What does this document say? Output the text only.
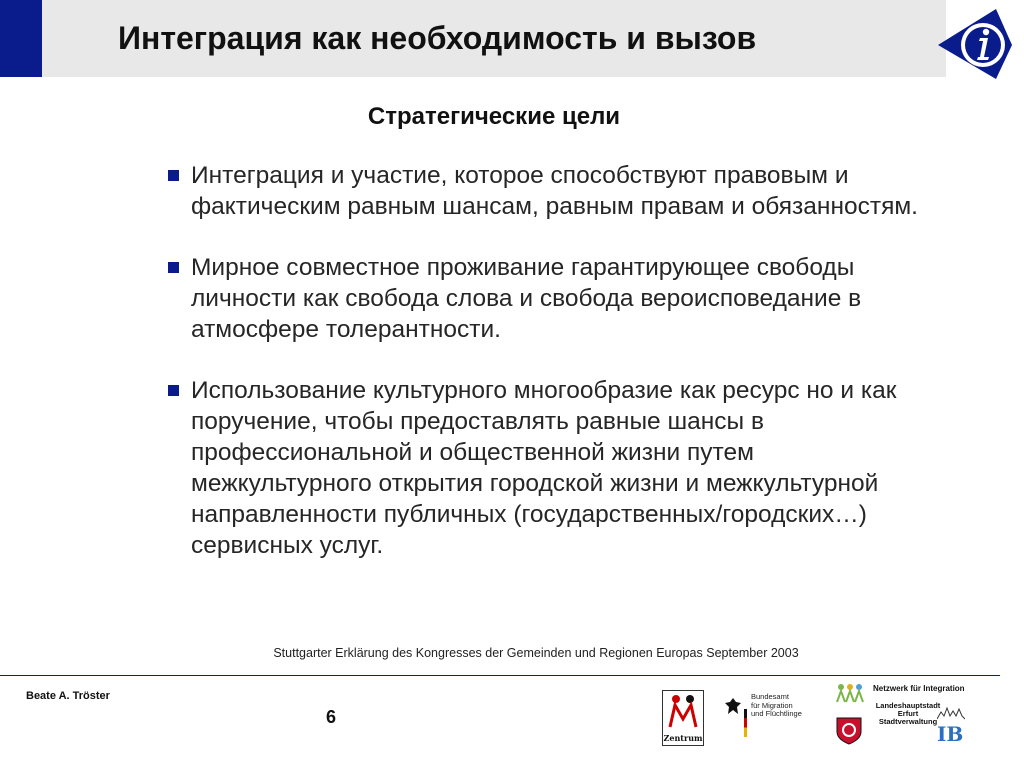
Интеграция как необходимость и вызов
Стратегические цели
Интеграция и участие, которое способствуют правовым и фактическим равным шансам, равным правам и обязанностям.
Мирное совместное проживание гарантирующее свободы личности как свобода слова и свобода вероисповедание в атмосфере толерантности.
Использование культурного многообразие как ресурс но и как поручение, чтобы предоставлять равные шансы в профессиональной и общественной жизни путем межкультурного открытия городской жизни и межкультурной направленности публичных (государственных/городских…) сервисных услуг.
Stuttgarter Erklärung des Kongresses der Gemeinden und Regionen Europas September 2003
Beate A. Tröster
6
Zentrum
Bundesamt
für Migration
und Flüchtlinge
Netzwerk für Integration
Landeshauptstadt Erfurt
Stadtverwaltung
IB
